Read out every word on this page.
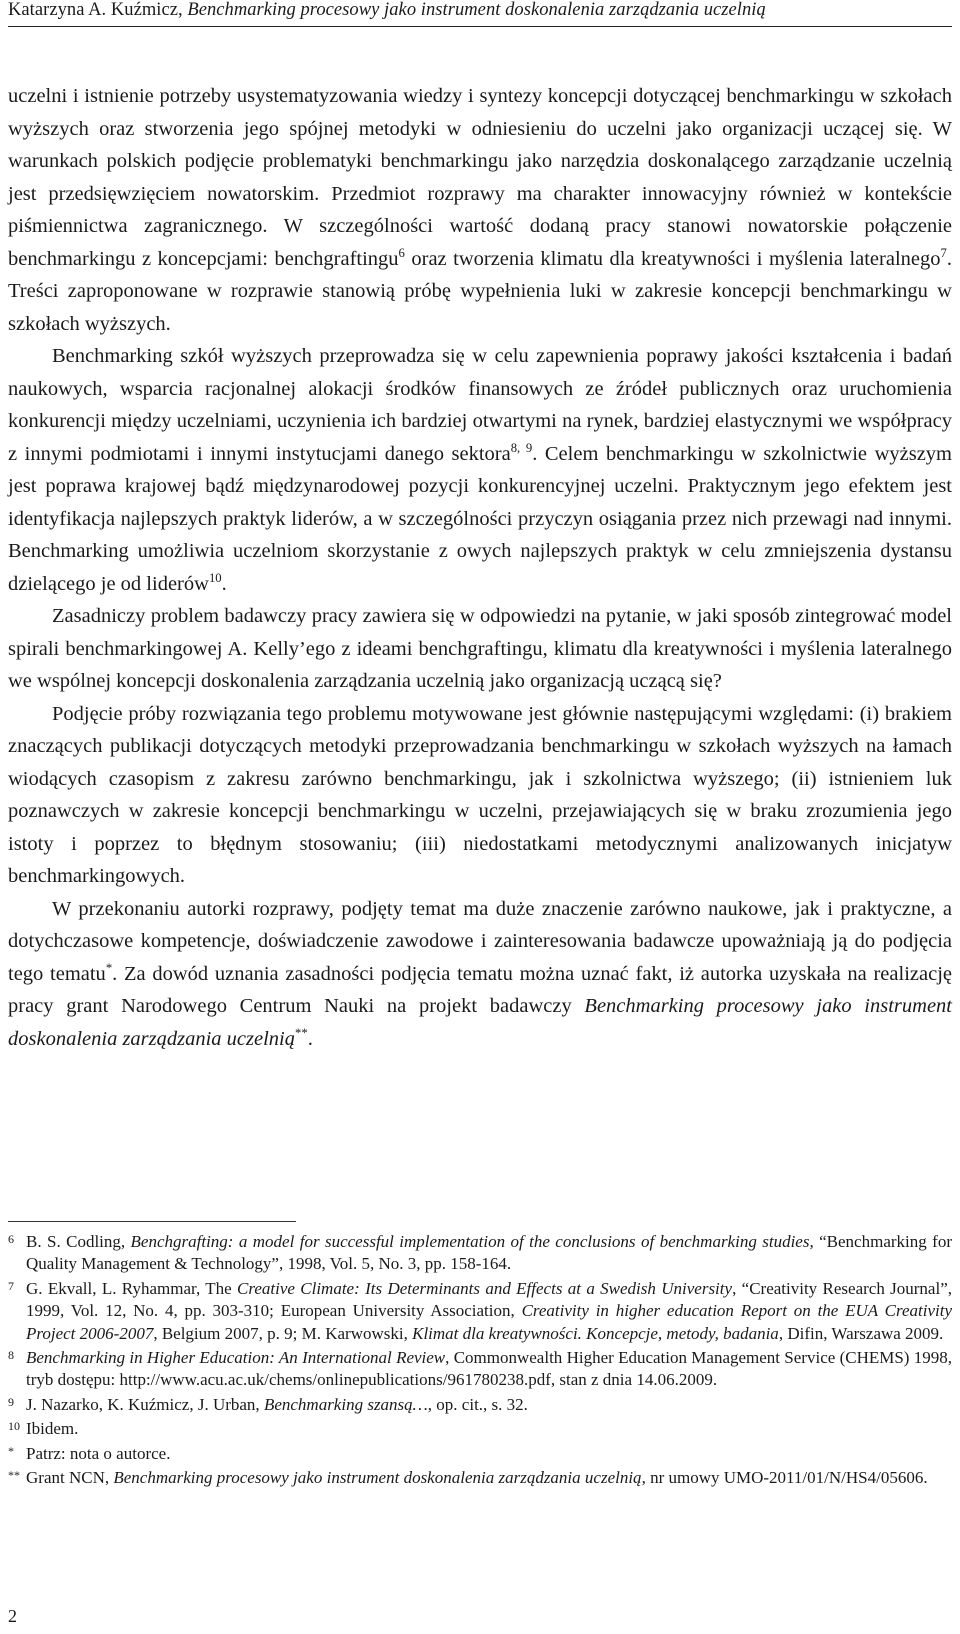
Katarzyna A. Kuźmicz, Benchmarking procesowy jako instrument doskonalenia zarządzania uczelnią

uczelni i istnienie potrzeby usystematyzowania wiedzy i syntezy koncepcji dotyczącej benchmarkingu w szkołach wyższych oraz stworzenia jego spójnej metodyki w odniesieniu do uczelni jako organizacji uczącej się. W warunkach polskich podjęcie problematyki benchmarkingu jako narzędzia doskonalącego zarządzanie uczelnią jest przedsięwzięciem nowatorskim. Przedmiot rozprawy ma charakter innowacyjny również w kontekście piśmiennictwa zagranicznego. W szczególności wartość dodaną pracy stanowi nowatorskie połączenie benchmarkingu z koncepcjami: benchgraftingu$^6$ oraz tworzenia klimatu dla kreatywności i myślenia lateralnego$^7$. Treści zaproponowane w rozprawie stanowią próbę wypełnienia luki w zakresie koncepcji benchmarkingu w szkołach wyższych.

Benchmarking szkół wyższych przeprowadza się w celu zapewnienia poprawy jakości kształcenia i badań naukowych, wsparcia racjonalnej alokacji środków finansowych ze źródeł publicznych oraz uruchomienia konkurencji między uczelniami, uczynienia ich bardziej otwartymi na rynek, bardziej elastycznymi we współpracy z innymi podmiotami i innymi instytucjami danego sektora$^{8, 9}$. Celem benchmarkingu w szkolnictwie wyższym jest poprawa krajowej bądź międzynarodowej pozycji konkurencyjnej uczelni. Praktycznym jego efektem jest identyfikacja najlepszych praktyk liderów, a w szczególności przyczyn osiągania przez nich przewagi nad innymi. Benchmarking umożliwia uczelniom skorzystanie z owych najlepszych praktyk w celu zmniejszenia dystansu dzielącego je od liderów$^{10}$.

Zasadniczy problem badawczy pracy zawiera się w odpowiedzi na pytanie, w jaki sposób zintegrować model spirali benchmarkingowej A. Kelly’ego z ideami benchgraftingu, klimatu dla kreatywności i myślenia lateralnego we wspólnej koncepcji doskonalenia zarządzania uczelnią jako organizacją uczącą się?

Podjęcie próby rozwiązania tego problemu motywowane jest głównie następującymi względami: (i) brakiem znaczących publikacji dotyczących metodyki przeprowadzania benchmarkingu w szkołach wyższych na łamach wiodących czasopism z zakresu zarówno benchmarkingu, jak i szkolnictwa wyższego; (ii) istnieniem luk poznawczych w zakresie koncepcji benchmarkingu w uczelni, przejawiających się w braku zrozumienia jego istoty i poprzez to błędnym stosowaniu; (iii) niedostatkami metodycznymi analizowanych inicjatyw benchmarkingowych.

W przekonaniu autorki rozprawy, podjęty temat ma duże znaczenie zarówno naukowe, jak i praktyczne, a dotychczasowe kompetencje, doświadczenie zawodowe i zainteresowania badawcze upoważniają ją do podjęcia tego tematu*. Za dowód uznania zasadności podjęcia tematu można uznać fakt, iż autorka uzyskała na realizację pracy grant Narodowego Centrum Nauki na projekt badawczy Benchmarking procesowy jako instrument doskonalenia zarządzania uczelnią**.

6 B. S. Codling, Benchgrafting: a model for successful implementation of the conclusions of benchmarking studies, “Benchmarking for Quality Management & Technology”, 1998, Vol. 5, No. 3, pp. 158-164.
7 G. Ekvall, L. Ryhammar, The Creative Climate: Its Determinants and Effects at a Swedish University, “Creativity Research Journal”, 1999, Vol. 12, No. 4, pp. 303-310; European University Association, Creativity in higher education Report on the EUA Creativity Project 2006-2007, Belgium 2007, p. 9; M. Karwowski, Klimat dla kreatywności. Koncepcje, metody, badania, Difin, Warszawa 2009.
8 Benchmarking in Higher Education: An International Review, Commonwealth Higher Education Management Service (CHEMS) 1998, tryb dostępu: http://www.acu.ac.uk/chems/onlinepublications/961780238.pdf, stan z dnia 14.06.2009.
9 J. Nazarko, K. Kuźmicz, J. Urban, Benchmarking szansą…, op. cit., s. 32.
10 Ibidem.
* Patrz: nota o autorce.
** Grant NCN, Benchmarking procesowy jako instrument doskonalenia zarządzania uczelnią, nr umowy UMO-2011/01/N/HS4/05606.
2
